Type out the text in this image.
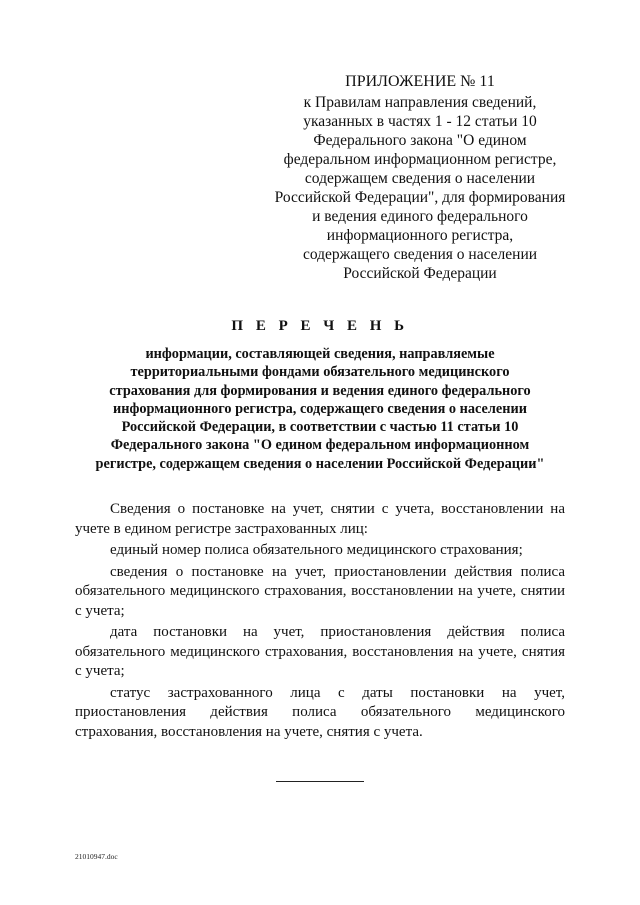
ПРИЛОЖЕНИЕ № 11
к Правилам направления сведений,
указанных в частях 1 - 12 статьи 10
Федерального закона "О едином
федеральном информационном регистре,
содержащем сведения о населении
Российской Федерации", для формирования
и ведения единого федерального
информационного регистра,
содержащего сведения о населении
Российской Федерации
П Е Р Е Ч Е Н Ь
информации, составляющей сведения, направляемые
территориальными фондами обязательного медицинского
страхования для формирования и ведения единого федерального
информационного регистра, содержащего сведения о населении
Российской Федерации, в соответствии с частью 11 статьи 10
Федерального закона "О едином федеральном информационном
регистре, содержащем сведения о населении Российской Федерации"

Сведения о постановке на учет, снятии с учета, восстановлении на учете в едином регистре застрахованных лиц:

единый номер полиса обязательного медицинского страхования;

сведения о постановке на учет, приостановлении действия полиса обязательного медицинского страхования, восстановлении на учете, снятии с учета;

дата постановки на учет, приостановления действия полиса обязательного медицинского страхования, восстановления на учете, снятия с учета;

статус застрахованного лица с даты постановки на учет, приостановления действия полиса обязательного медицинского страхования, восстановления на учете, снятия с учета.

21010947.doc
